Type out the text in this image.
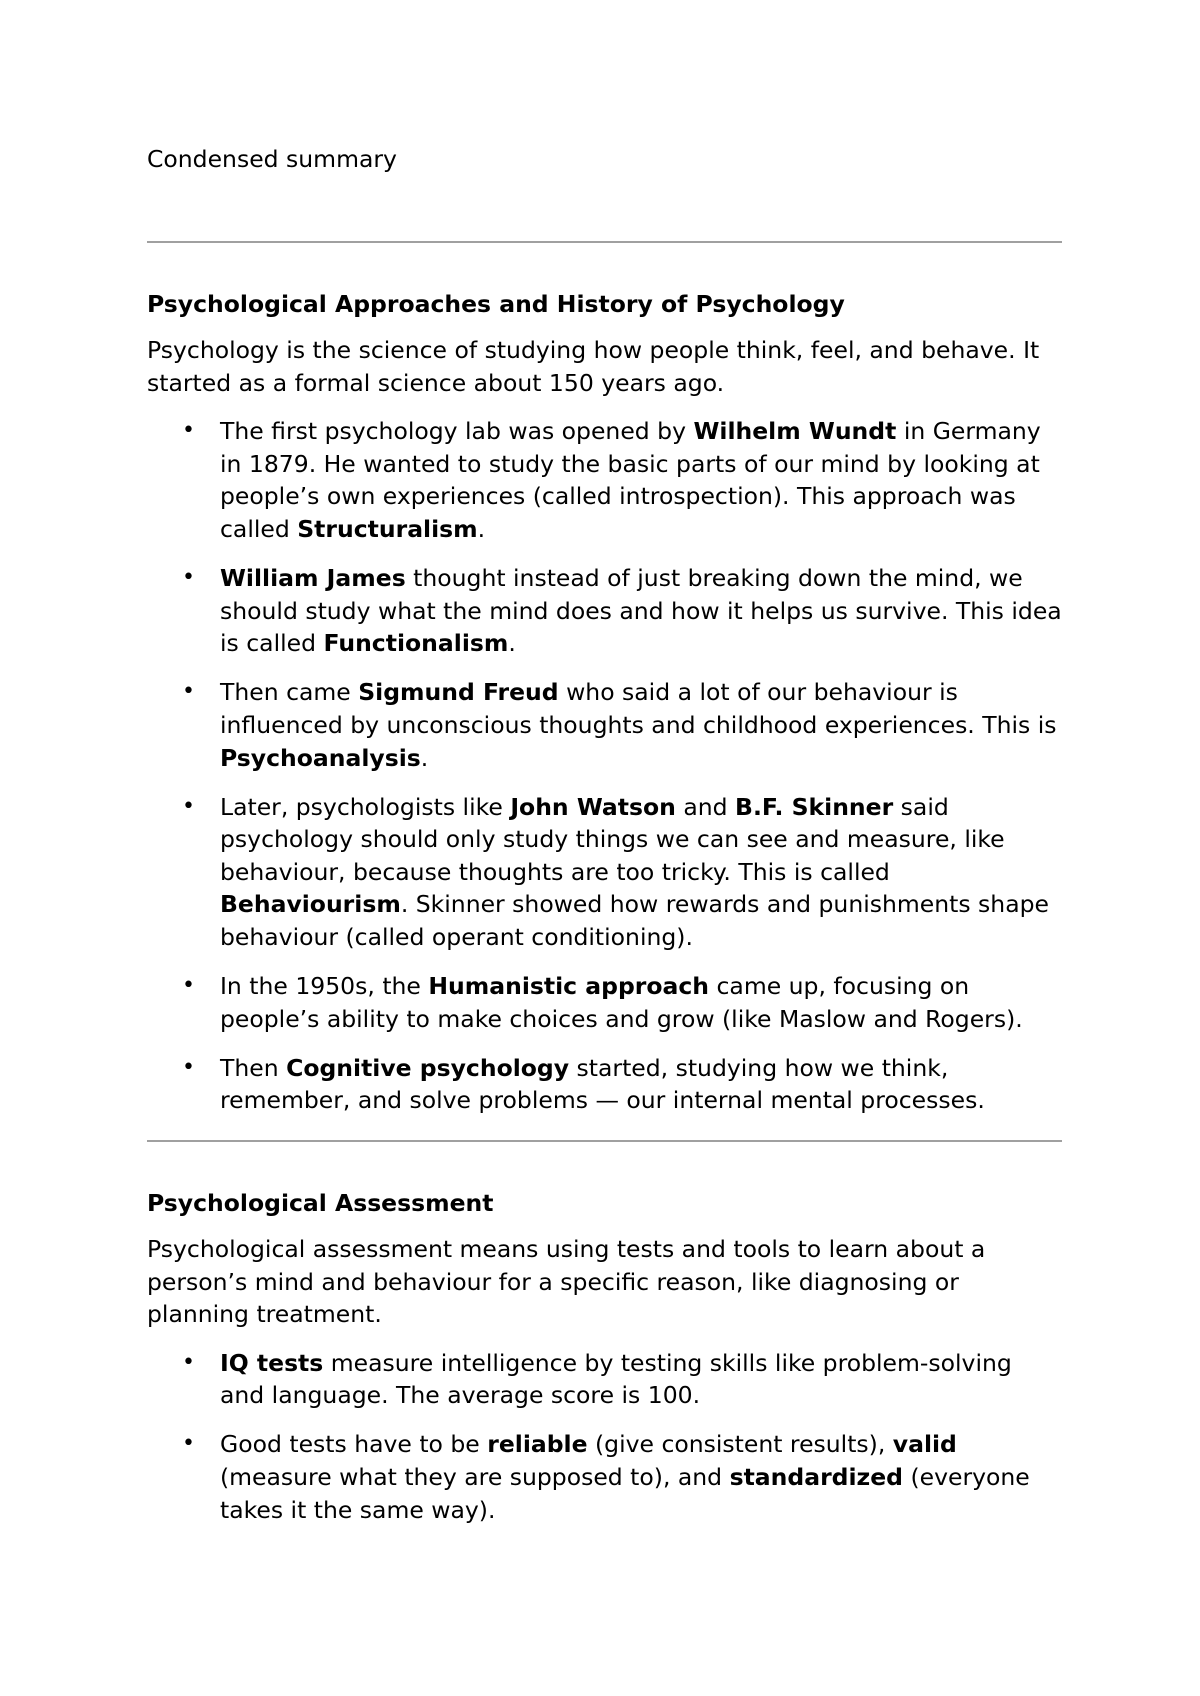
Condensed summary

Psychological Approaches and History of Psychology

Psychology is the science of studying how people think, feel, and behave. It started as a formal science about 150 years ago.

• The first psychology lab was opened by Wilhelm Wundt in Germany in 1879. He wanted to study the basic parts of our mind by looking at people’s own experiences (called introspection). This approach was called Structuralism.
• William James thought instead of just breaking down the mind, we should study what the mind does and how it helps us survive. This idea is called Functionalism.
• Then came Sigmund Freud who said a lot of our behaviour is influenced by unconscious thoughts and childhood experiences. This is Psychoanalysis.
• Later, psychologists like John Watson and B.F. Skinner said psychology should only study things we can see and measure, like behaviour, because thoughts are too tricky. This is called Behaviourism. Skinner showed how rewards and punishments shape behaviour (called operant conditioning).
• In the 1950s, the Humanistic approach came up, focusing on people’s ability to make choices and grow (like Maslow and Rogers).
• Then Cognitive psychology started, studying how we think, remember, and solve problems — our internal mental processes.

Psychological Assessment

Psychological assessment means using tests and tools to learn about a person’s mind and behaviour for a specific reason, like diagnosing or planning treatment.

• IQ tests measure intelligence by testing skills like problem-solving and language. The average score is 100.
• Good tests have to be reliable (give consistent results), valid (measure what they are supposed to), and standardized (everyone takes it the same way).
